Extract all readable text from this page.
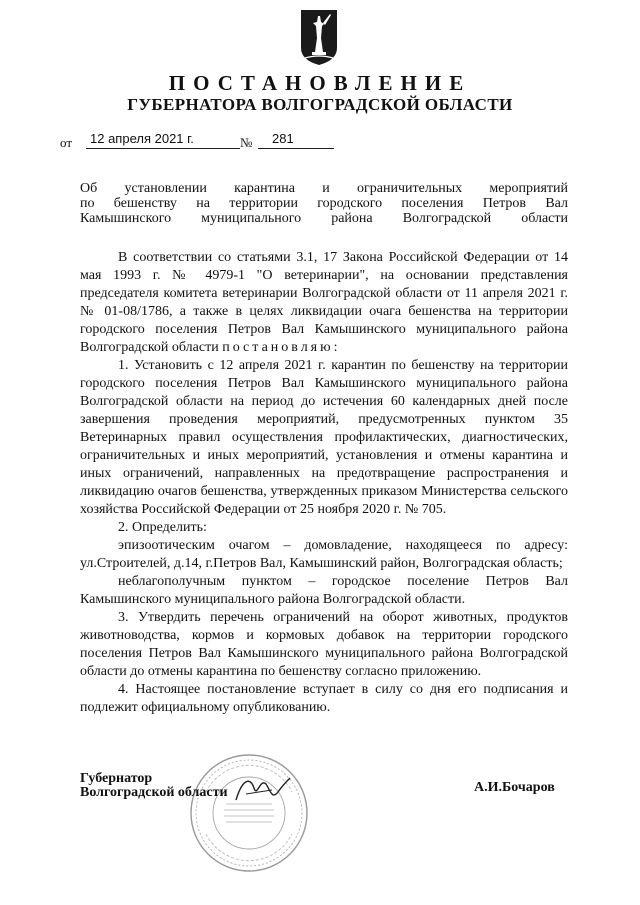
ПОСТАНОВЛЕНИЕ
ГУБЕРНАТОРА ВОЛГОГРАДСКОЙ ОБЛАСТИ
от	12 апреля 2021 г.	№	281
Об установлении карантина и ограничительных мероприятий
по бешенству на территории городского поселения Петров Вал
Камышинского муниципального района Волгоградской области

В соответствии со статьями 3.1, 17 Закона Российской Федерации от 14 мая 1993 г. № 4979-1 "О ветеринарии", на основании представления председателя комитета ветеринарии Волгоградской области от 11 апреля 2021 г. № 01-08/1786, а также в целях ликвидации очага бешенства на территории городского поселения Петров Вал Камышинского муниципального района Волгоградской области постановляю:

1. Установить с 12 апреля 2021 г. карантин по бешенству на территории городского поселения Петров Вал Камышинского муниципального района Волгоградской области на период до истечения 60 календарных дней после завершения проведения мероприятий, предусмотренных пунктом 35 Ветеринарных правил осуществления профилактических, диагностических, ограничительных и иных мероприятий, установления и отмены карантина и иных ограничений, направленных на предотвращение распространения и ликвидацию очагов бешенства, утвержденных приказом Министерства сельского хозяйства Российской Федерации от 25 ноября 2020 г. № 705.

2. Определить:

эпизоотическим очагом – домовладение, находящееся по адресу: ул.Строителей, д.14, г.Петров Вал, Камышинский район, Волгоградская область;

неблагополучным пунктом – городское поселение Петров Вал Камышинского муниципального района Волгоградской области.

3. Утвердить перечень ограничений на оборот животных, продуктов животноводства, кормов и кормовых добавок на территории городского поселения Петров Вал Камышинского муниципального района Волгоградской области до отмены карантина по бешенству согласно приложению.

4. Настоящее постановление вступает в силу со дня его подписания и подлежит официальному опубликованию.

Губернатор
Волгоградской области	А.И.Бочаров
